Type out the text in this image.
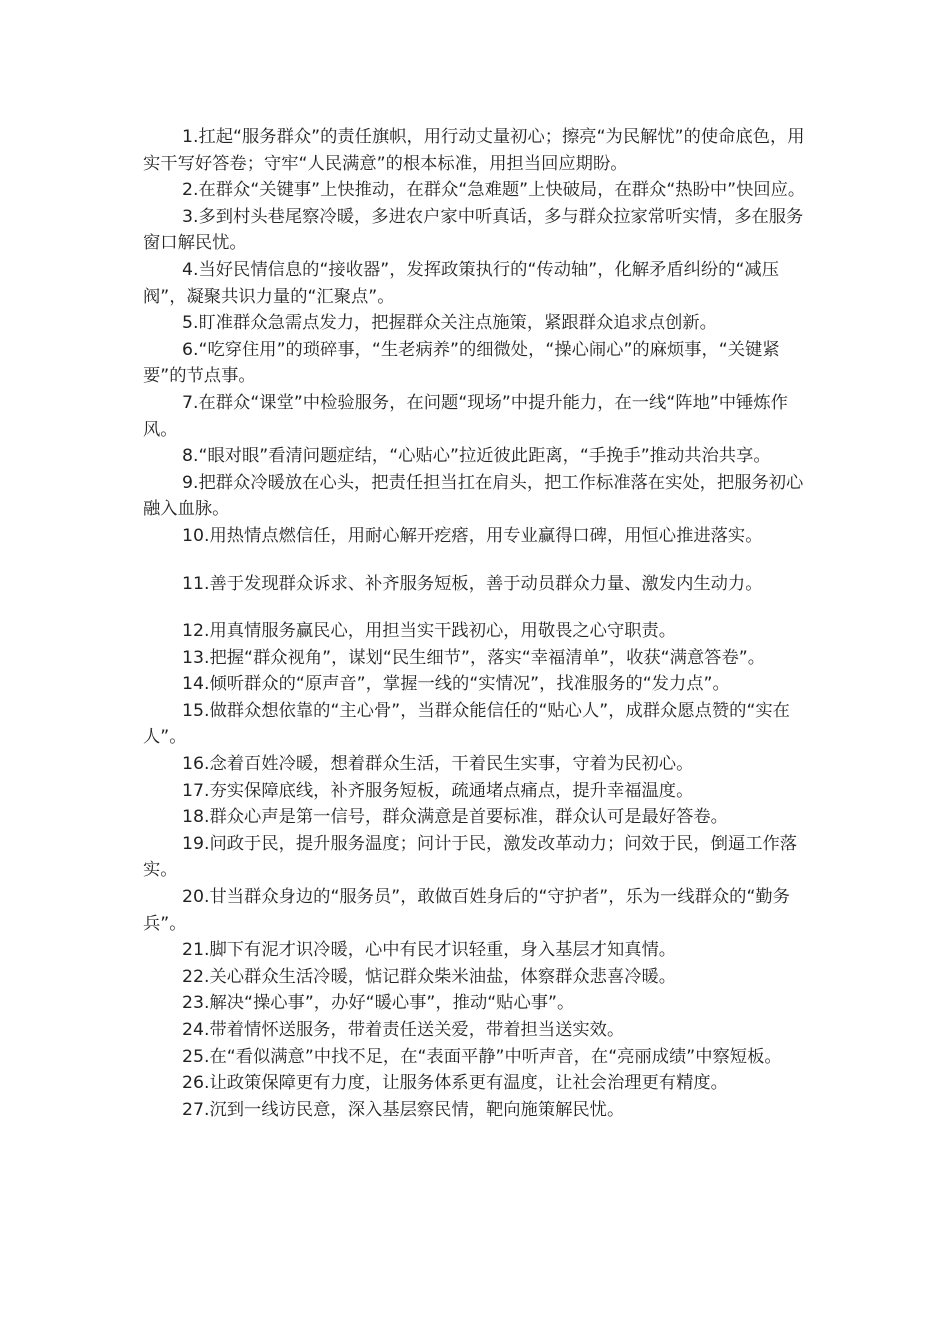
1.扛起“服务群众”的责任旗帜，用行动丈量初心；擦亮“为民解忧”的使命底色，用实干写好答卷；守牢“人民满意”的根本标准，用担当回应期盼。

2.在群众“关键事”上快推动，在群众“急难题”上快破局，在群众“热盼中”快回应。

3.多到村头巷尾察冷暖，多进农户家中听真话，多与群众拉家常听实情，多在服务窗口解民忧。

4.当好民情信息的“接收器”，发挥政策执行的“传动轴”，化解矛盾纠纷的“减压阀”，凝聚共识力量的“汇聚点”。

5.盯准群众急需点发力，把握群众关注点施策，紧跟群众追求点创新。

6.“吃穿住用”的琐碎事，“生老病养”的细微处，“操心闹心”的麻烦事，“关键紧要”的节点事。

7.在群众“课堂”中检验服务，在问题“现场”中提升能力，在一线“阵地”中锤炼作风。

8.“眼对眼”看清问题症结，“心贴心”拉近彼此距离，“手挽手”推动共治共享。

9.把群众冷暖放在心头，把责任担当扛在肩头，把工作标准落在实处，把服务初心融入血脉。

10.用热情点燃信任，用耐心解开疙瘩，用专业赢得口碑，用恒心推进落实。

11.善于发现群众诉求、补齐服务短板，善于动员群众力量、激发内生动力。

12.用真情服务赢民心，用担当实干践初心，用敬畏之心守职责。

13.把握“群众视角”，谋划“民生细节”，落实“幸福清单”，收获“满意答卷”。

14.倾听群众的“原声音”，掌握一线的“实情况”，找准服务的“发力点”。

15.做群众想依靠的“主心骨”，当群众能信任的“贴心人”，成群众愿点赞的“实在人”。

16.念着百姓冷暖，想着群众生活，干着民生实事，守着为民初心。

17.夯实保障底线，补齐服务短板，疏通堵点痛点，提升幸福温度。

18.群众心声是第一信号，群众满意是首要标准，群众认可是最好答卷。

19.问政于民，提升服务温度；问计于民，激发改革动力；问效于民，倒逼工作落实。

20.甘当群众身边的“服务员”，敢做百姓身后的“守护者”，乐为一线群众的“勤务兵”。

21.脚下有泥才识冷暖，心中有民才识轻重，身入基层才知真情。

22.关心群众生活冷暖，惦记群众柴米油盐，体察群众悲喜冷暖。

23.解决“操心事”，办好“暖心事”，推动“贴心事”。

24.带着情怀送服务，带着责任送关爱，带着担当送实效。

25.在“看似满意”中找不足，在“表面平静”中听声音，在“亮丽成绩”中察短板。

26.让政策保障更有力度，让服务体系更有温度，让社会治理更有精度。

27.沉到一线访民意，深入基层察民情，靶向施策解民忧。
